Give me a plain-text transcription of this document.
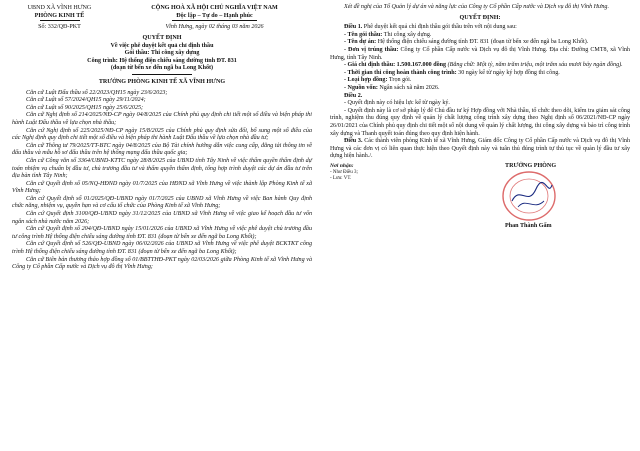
UBND XÃ VĨNH HƯNG

PHÒNG KINH TẾ

Số: 332/QĐ-PKT

CỘNG HOÀ XÃ HỘI CHỦ NGHĨA VIỆT NAM

Độc lập – Tự do – Hạnh phúc

Vĩnh Hưng, ngày 02 tháng 03 năm 2026

QUYẾT ĐỊNH

Về việc phê duyệt kết quả chỉ định thầu

Gói thầu: Thi công xây dựng

Công trình: Hệ thống điện chiếu sáng đường tỉnh ĐT. 831

(đoạn từ bến xe đến ngã ba Long Khốt)

TRƯỞNG PHÒNG KINH TẾ XÃ VĨNH HƯNG

Căn cứ Luật Đấu thầu số 22/2023/QH15 ngày 23/6/2023;

Căn cứ Luật số 57/2024/QH15 ngày 29/11/2024;

Căn cứ Luật số 90/2025/QH15 ngày 25/6/2025;

Căn cứ Nghị định số 214/2025/NĐ-CP ngày 04/8/2025 của Chính phủ quy định chi tiết một số điều và biện pháp thi hành Luật Đấu thầu về lựa chọn nhà thầu;

Căn cứ Nghị định số 225/2025/NĐ-CP ngày 15/8/2025 của Chính phủ quy định sửa đổi, bổ sung một số điều của các Nghị định quy định chi tiết một số điều và biện pháp thi hành Luật Đấu thầu về lựa chọn nhà đầu tư;

Căn cứ Thông tư 79/2025/TT-BTC ngày 04/8/2025 của Bộ Tài chính hướng dẫn việc cung cấp, đăng tải thông tin về đấu thầu và mẫu hồ sơ đấu thầu trên hệ thống mạng đấu thầu quốc gia;

Căn cứ Công văn số 3364/UBND-KTTC ngày 28/8/2025 của UBND tỉnh Tây Ninh về việc thẩm quyền thẩm định dự toán nhiệm vụ chuẩn bị đầu tư, chủ trương đầu tư và thẩm quyền thẩm định, tổng hợp trình duyệt các dự án đầu tư trên địa bàn tỉnh Tây Ninh;

Căn cứ Quyết định số 05/NQ-HĐND ngày 01/7/2025 của HĐND xã Vĩnh Hưng về việc thành lập Phòng Kinh tế xã Vĩnh Hưng;

Căn cứ Quyết định số 01/2025/QĐ-UBND ngày 01/7/2025 của UBND xã Vĩnh Hưng về việc Ban hành Quy định chức năng, nhiệm vụ, quyền hạn và cơ cấu tổ chức của Phòng Kinh tế xã Vĩnh Hưng;

Căn cứ Quyết định 3100/QĐ-UBND ngày 31/12/2025 của UBND xã Vĩnh Hưng về việc giao kế hoạch đầu tư vốn ngân sách nhà nước năm 2026;

Căn cứ Quyết định số 204/QĐ-UBND ngày 15/01/2026 của UBND xã Vĩnh Hưng về việc phê duyệt chủ trương đầu tư công trình Hệ thống điện chiếu sáng đường tỉnh ĐT. 831 (đoạn từ bến xe đến ngã ba Long Khốt);

Căn cứ Quyết định số 526/QĐ-UBND ngày 06/02/2026 của UBND xã Vĩnh Hưng về việc phê duyệt BCKTKT công trình Hệ thống điện chiếu sáng đường tỉnh ĐT. 831 (đoạn từ bến xe đến ngã ba Long Khốt);

Căn cứ Biên bản thương thảo hợp đồng số 01/BBTTHĐ-PKT ngày 02/03/2026 giữa Phòng Kinh tế xã Vĩnh Hưng và Công ty Cổ phần Cấp nước và Dịch vụ đô thị Vĩnh Hưng;

Xét đề nghị của Tổ Quản lý dự án và năng lực của Công ty Cổ phần Cấp nước và Dịch vụ đô thị Vĩnh Hưng.

QUYẾT ĐỊNH:

Điều 1. Phê duyệt kết quả chỉ định thầu gói thầu trên với nội dung sau:

- Tên gói thầu: Thi công xây dựng.

- Tên dự án: Hệ thống điện chiếu sáng đường tỉnh ĐT. 831 (đoạn từ bến xe đến ngã ba Long Khốt).

- Đơn vị trúng thầu: Công ty Cổ phần Cấp nước và Dịch vụ đô thị Vĩnh Hưng. Địa chỉ: Đường CMT8, xã Vĩnh Hưng, tỉnh Tây Ninh.

- Giá chỉ định thầu: 1.500.167.000 đồng (Bằng chữ: Một tỷ, năm trăm triệu, một trăm sáu mươi bảy ngàn đồng).

- Thời gian thi công hoàn thành công trình: 30 ngày kể từ ngày ký hợp đồng thi công.

- Loại hợp đồng: Trọn gói.

- Nguồn vốn: Ngân sách xã năm 2026.

Điều 2.

- Quyết định này có hiệu lực kể từ ngày ký.

- Quyết định này là cơ sở pháp lý để Chủ đầu tư ký Hợp đồng với Nhà thầu, tổ chức theo dõi, kiểm tra giám sát công trình, nghiệm thu đúng quy định về quản lý chất lượng công trình xây dựng theo Nghị định số 06/2021/NĐ-CP ngày 26/01/2021 của Chính phủ quy định chi tiết một số nội dung về quản lý chất lượng, thi công xây dựng và bảo trì công trình xây dựng và Thanh quyết toán đúng theo quy định hiện hành.

Điều 3. Các thành viên phòng Kinh tế xã Vĩnh Hưng, Giám đốc Công ty Cổ phần Cấp nước và Dịch vụ đô thị Vĩnh Hưng và các đơn vị có liên quan thực hiện theo Quyết định này và tuân thủ đúng trình tự thủ tục về quản lý đầu tư xây dựng hiện hành./.

Nơi nhận:

- Như Điều 3;

- Lưu: VT.

TRƯỞNG PHÒNG

Phan Thành Gấm
